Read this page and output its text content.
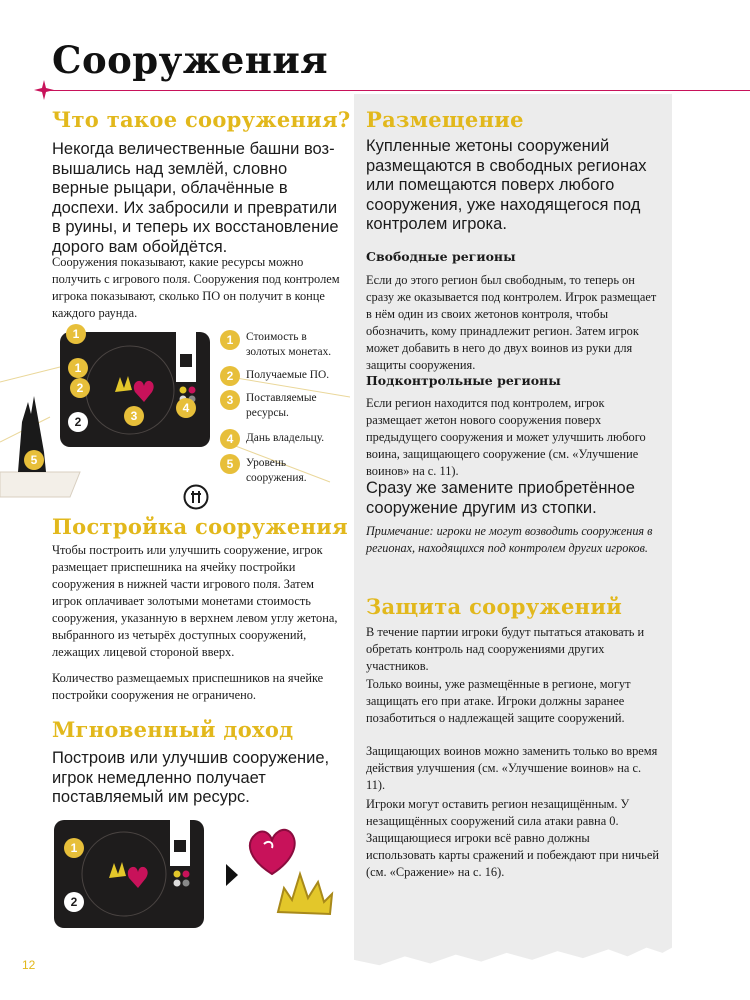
Сооружения
Что такое сооружения?

Некогда величественные башни возвышались над землёй, словно верные рыцари, облачённые в доспехи. Их забросили и превратили в руины, и теперь их восстановление дорого вам обойдётся.

Сооружения показывают, какие ресурсы можно получить с игрового поля. Сооружения под контролем игрока показывают, сколько ПО он получит в конце каждого раунда.

1
2
1
2
3
4
5
1	Стоимость в золотых монетах.

2	Получаемые ПО.

3	Поставляемые ресурсы.

4	Дань владельцу.

5	Уровень сооружения.

Постройка сооружения

Чтобы построить или улучшить сооружение, игрок размещает приспешника на ячейку постройки сооружения в нижней части игрового поля. Затем игрок оплачивает золотыми монетами стоимость сооружения, указанную в верхнем левом углу жетона, выбранного из четырёх доступных сооружений, лежащих лицевой стороной вверх.

Количество размещаемых приспешников на ячейке постройки сооружения не ограничено.

Мгновенный доход

Построив или улучшив сооружение, игрок немедленно получает поставляемый им ресурс.

1
2
12
Размещение

Купленные жетоны сооружений размещаются в свободных регионах или помещаются поверх любого сооружения, уже находящегося под контролем игрока.

Свободные регионы

Если до этого регион был свободным, то теперь он сразу же оказывается под контролем. Игрок размещает в нём один из своих жетонов контроля, чтобы обозначить, кому принадлежит регион. Затем игрок может добавить в него до двух воинов из руки для защиты сооружения.

Подконтрольные регионы

Если регион находится под контролем, игрок размещает жетон нового сооружения поверх предыдущего сооружения и может улучшить любого воина, защищающего сооружение (см. «Улучшение воинов» на с. 11).

Сразу же замените приобретённое сооружение другим из стопки.

Примечание: игроки не могут возводить сооружения в регионах, находящихся под контролем других игроков.

Защита сооружений

В течение партии игроки будут пытаться атаковать и обретать контроль над сооружениями других участников.

Только воины, уже размещённые в регионе, могут защищать его при атаке. Игроки должны заранее позаботиться о надлежащей защите сооружений.

Защищающих воинов можно заменить только во время действия улучшения (см. «Улучшение воинов» на с. 11).

Игроки могут оставить регион незащищённым. У незащищённых сооружений сила атаки равна 0. Защищающиеся игроки всё равно должны использовать карты сражений и побеждают при ничьей (см. «Сражение» на с. 16).
